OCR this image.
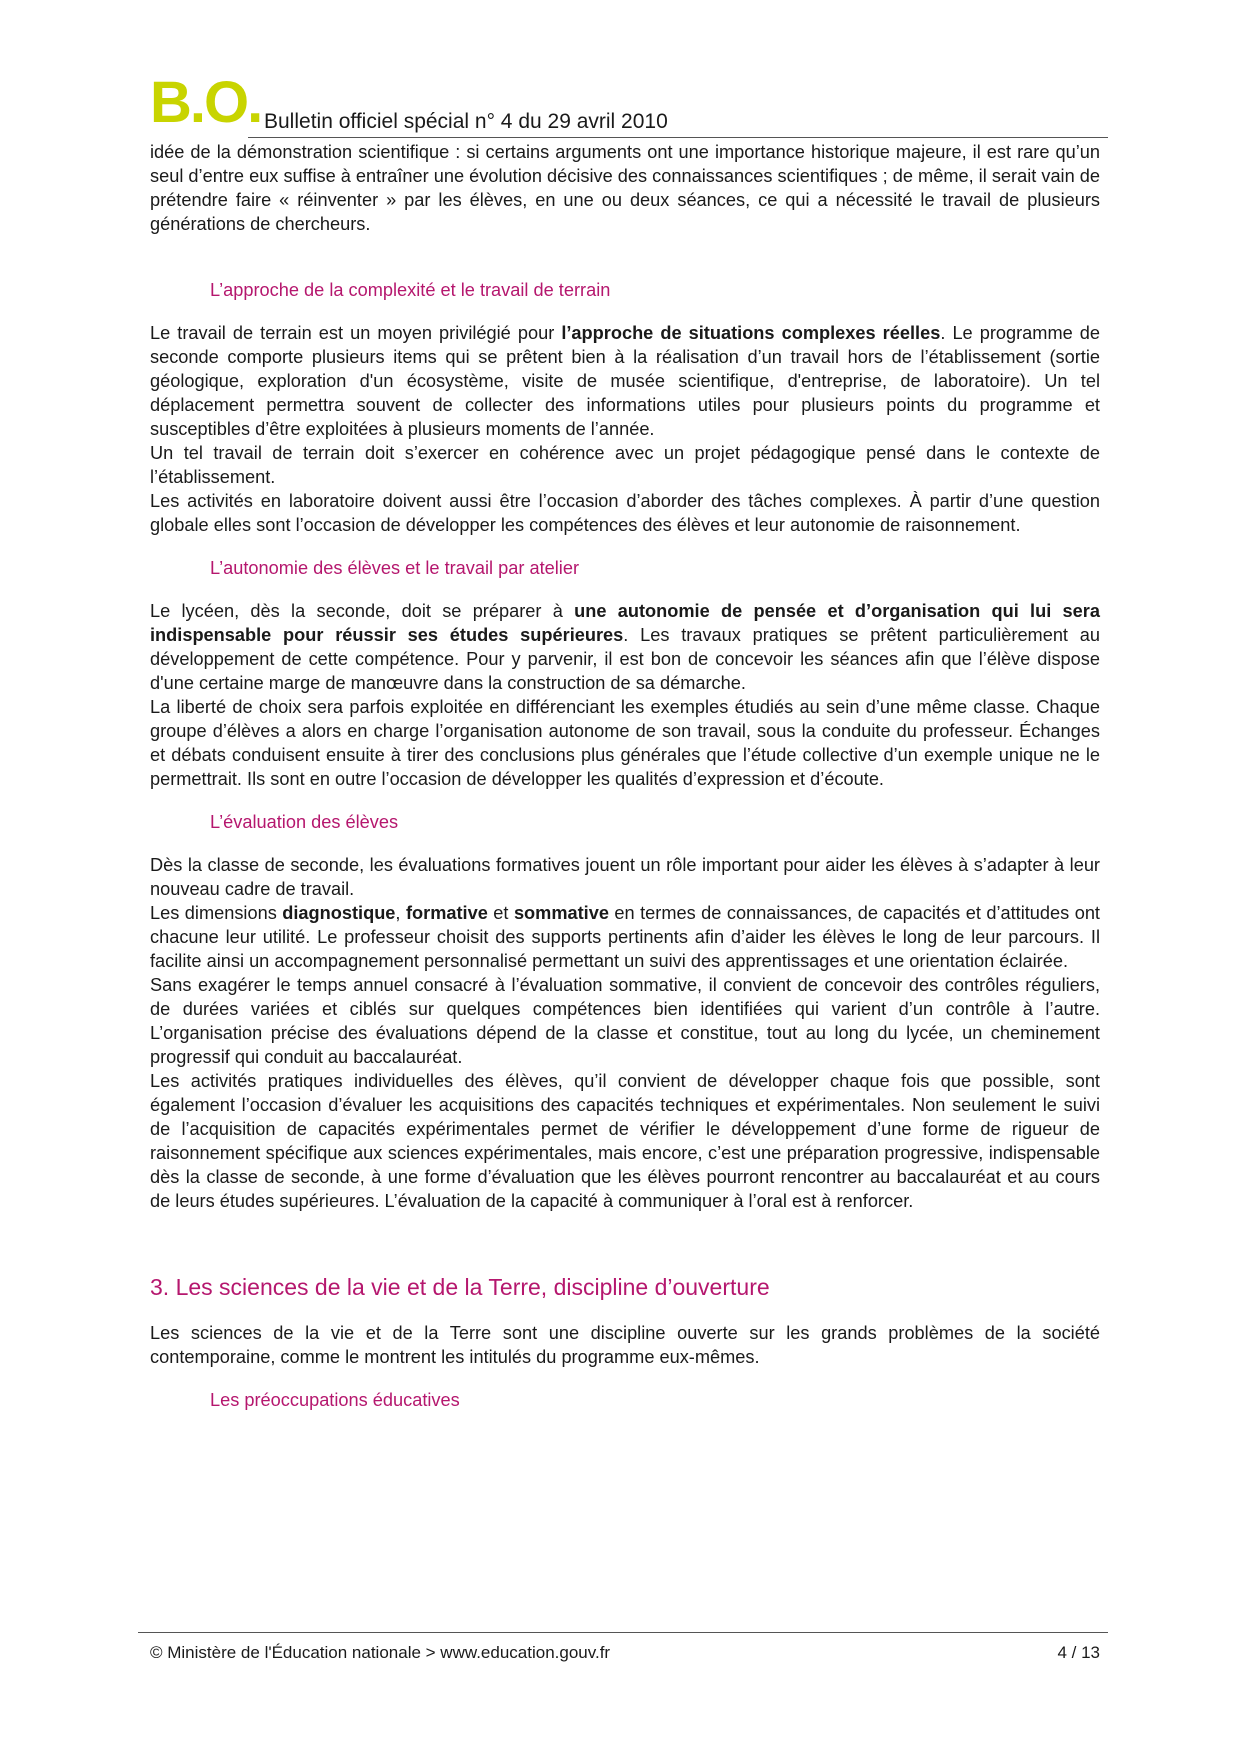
B.O. Bulletin officiel spécial n° 4 du 29 avril 2010

idée de la démonstration scientifique : si certains arguments ont une importance historique majeure, il est rare qu’un seul d’entre eux suffise à entraîner une évolution décisive des connaissances scientifiques ; de même, il serait vain de prétendre faire « réinventer » par les élèves, en une ou deux séances, ce qui a nécessité le travail de plusieurs générations de chercheurs.

L’approche de la complexité et le travail de terrain

Le travail de terrain est un moyen privilégié pour l’approche de situations complexes réelles. Le programme de seconde comporte plusieurs items qui se prêtent bien à la réalisation d’un travail hors de l’établissement (sortie géologique, exploration d'un écosystème, visite de musée scientifique, d'entreprise, de laboratoire). Un tel déplacement permettra souvent de collecter des informations utiles pour plusieurs points du programme et susceptibles d’être exploitées à plusieurs moments de l’année.

Un tel travail de terrain doit s’exercer en cohérence avec un projet pédagogique pensé dans le contexte de l’établissement.

Les activités en laboratoire doivent aussi être l’occasion d’aborder des tâches complexes. À partir d’une question globale elles sont l’occasion de développer les compétences des élèves et leur autonomie de raisonnement.

L’autonomie des élèves et le travail par atelier

Le lycéen, dès la seconde, doit se préparer à une autonomie de pensée et d’organisation qui lui sera indispensable pour réussir ses études supérieures. Les travaux pratiques se prêtent particulièrement au développement de cette compétence. Pour y parvenir, il est bon de concevoir les séances afin que l’élève dispose d'une certaine marge de manœuvre dans la construction de sa démarche.

La liberté de choix sera parfois exploitée en différenciant les exemples étudiés au sein d’une même classe. Chaque groupe d’élèves a alors en charge l’organisation autonome de son travail, sous la conduite du professeur. Échanges et débats conduisent ensuite à tirer des conclusions plus générales que l’étude collective d’un exemple unique ne le permettrait. Ils sont en outre l’occasion de développer les qualités d’expression et d’écoute.

L’évaluation des élèves

Dès la classe de seconde, les évaluations formatives jouent un rôle important pour aider les élèves à s’adapter à leur nouveau cadre de travail.

Les dimensions diagnostique, formative et sommative en termes de connaissances, de capacités et d’attitudes ont chacune leur utilité. Le professeur choisit des supports pertinents afin d’aider les élèves le long de leur parcours. Il facilite ainsi un accompagnement personnalisé permettant un suivi des apprentissages et une orientation éclairée.

Sans exagérer le temps annuel consacré à l’évaluation sommative, il convient de concevoir des contrôles réguliers, de durées variées et ciblés sur quelques compétences bien identifiées qui varient d’un contrôle à l’autre. L’organisation précise des évaluations dépend de la classe et constitue, tout au long du lycée, un cheminement progressif qui conduit au baccalauréat.

Les activités pratiques individuelles des élèves, qu’il convient de développer chaque fois que possible, sont également l’occasion d’évaluer les acquisitions des capacités techniques et expérimentales. Non seulement le suivi de l’acquisition de capacités expérimentales permet de vérifier le développement d’une forme de rigueur de raisonnement spécifique aux sciences expérimentales, mais encore, c’est une préparation progressive, indispensable dès la classe de seconde, à une forme d’évaluation que les élèves pourront rencontrer au baccalauréat et au cours de leurs études supérieures. L’évaluation de la capacité à communiquer à l’oral est à renforcer.

3. Les sciences de la vie et de la Terre, discipline d’ouverture

Les sciences de la vie et de la Terre sont une discipline ouverte sur les grands problèmes de la société contemporaine, comme le montrent les intitulés du programme eux-mêmes.

Les préoccupations éducatives

© Ministère de l'Éducation nationale > www.education.gouv.fr	4 / 13
